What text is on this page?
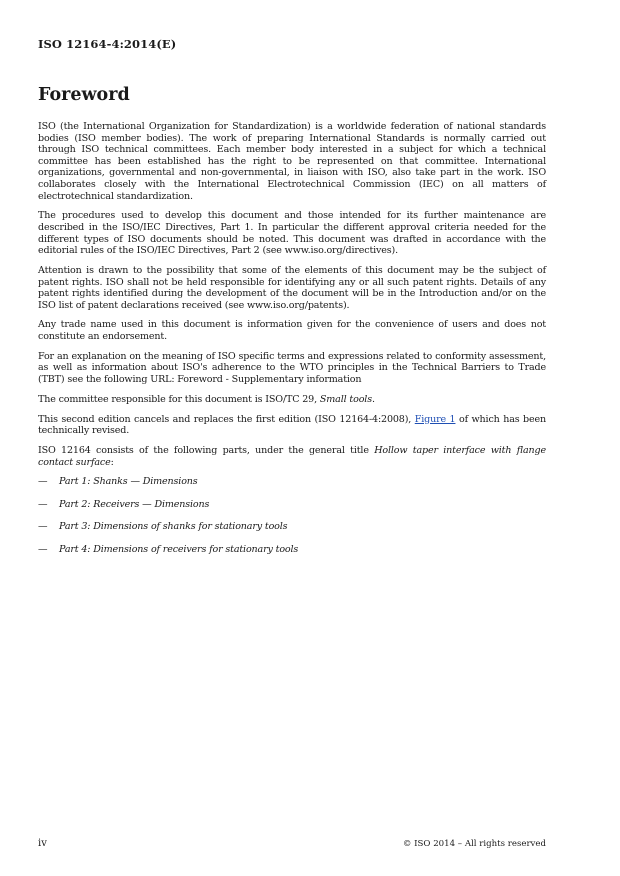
ISO 12164-4:2014(E)
Foreword

ISO (the International Organization for Standardization) is a worldwide federation of national standards bodies (ISO member bodies). The work of preparing International Standards is normally carried out through ISO technical committees. Each member body interested in a subject for which a technical committee has been established has the right to be represented on that committee. International organizations, governmental and non-governmental, in liaison with ISO, also take part in the work. ISO collaborates closely with the International Electrotechnical Commission (IEC) on all matters of electrotechnical standardization.

The procedures used to develop this document and those intended for its further maintenance are described in the ISO/IEC Directives, Part 1. In particular the different approval criteria needed for the different types of ISO documents should be noted. This document was drafted in accordance with the editorial rules of the ISO/IEC Directives, Part 2 (see www.iso.org/directives).

Attention is drawn to the possibility that some of the elements of this document may be the subject of patent rights. ISO shall not be held responsible for identifying any or all such patent rights. Details of any patent rights identified during the development of the document will be in the Introduction and/or on the ISO list of patent declarations received (see www.iso.org/patents).

Any trade name used in this document is information given for the convenience of users and does not constitute an endorsement.

For an explanation on the meaning of ISO specific terms and expressions related to conformity assessment, as well as information about ISO's adherence to the WTO principles in the Technical Barriers to Trade (TBT) see the following URL: Foreword - Supplementary information

The committee responsible for this document is ISO/TC 29, Small tools.

This second edition cancels and replaces the first edition (ISO 12164-4:2008), Figure 1 of which has been technically revised.

ISO 12164 consists of the following parts, under the general title Hollow taper interface with flange contact surface:

—	Part 1: Shanks — Dimensions
—	Part 2: Receivers — Dimensions
—	Part 3: Dimensions of shanks for stationary tools
—	Part 4: Dimensions of receivers for stationary tools
iv	© ISO 2014 – All rights reserved
